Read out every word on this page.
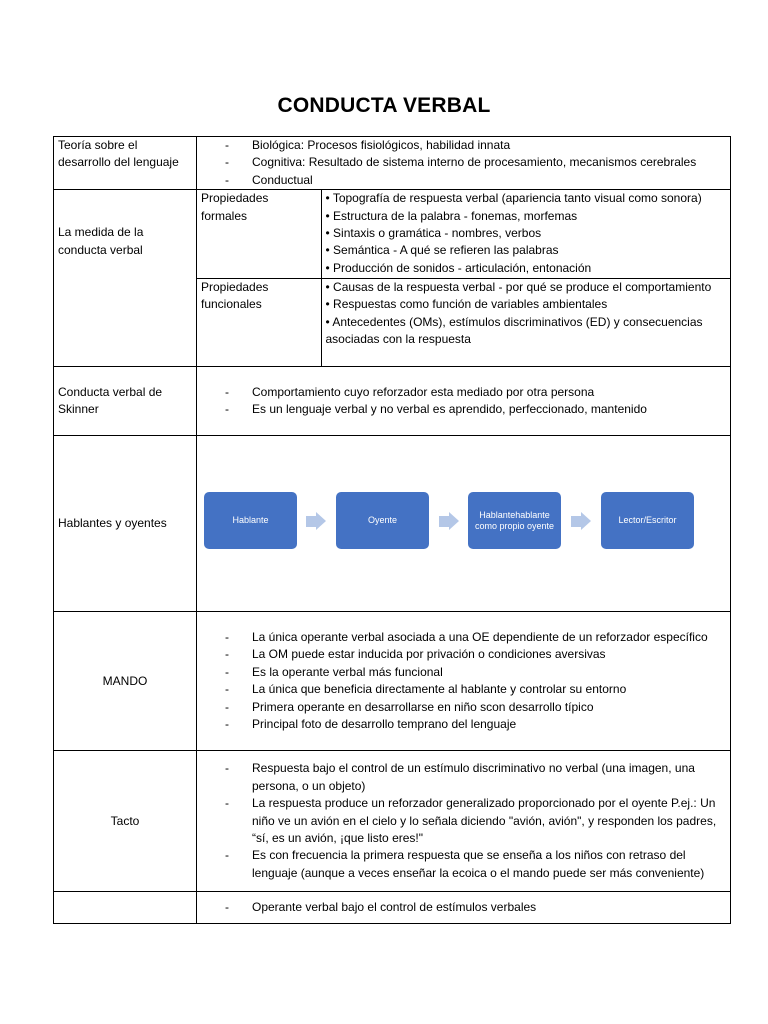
CONDUCTA VERBAL
Teoría sobre el desarrollo del lenguaje	
- Biológica: Procesos fisiológicos, habilidad innata
- Cognitiva: Resultado de sistema interno de procesamiento, mecanismos cerebrales
- Conductual

La medida de la conducta verbal	
Propiedades formales	
• Topografía de respuesta verbal (apariencia tanto visual como sonora)
• Estructura de la palabra - fonemas, morfemas
• Sintaxis o gramática - nombres, verbos
• Semántica - A qué se refieren las palabras
• Producción de sonidos - articulación, entonación

Propiedades funcionales	
• Causas de la respuesta verbal - por qué se produce el comportamiento
• Respuestas como función de variables ambientales
• Antecedentes (OMs), estímulos discriminativos (ED) y consecuencias asociadas con la respuesta

Conducta verbal de Skinner	
- Comportamiento cuyo reforzador esta mediado por otra persona
- Es un lenguaje verbal y no verbal es aprendido, perfeccionado, mantenido

Hablantes y oyentes	Hablante	Oyente
Hablantehablante como propio oyente
Lector/Escritor

MANDO	
- La única operante verbal asociada a una OE dependiente de un reforzador específico
- La OM puede estar inducida por privación o condiciones aversivas
- Es la operante verbal más funcional
- La única que beneficia directamente al hablante y controlar su entorno
- Primera operante en desarrollarse en niño scon desarrollo típico
- Principal foto de desarrollo temprano del lenguaje

Tacto	
- Respuesta bajo el control de un estímulo discriminativo no verbal (una imagen, una persona, o un objeto)
- La respuesta produce un reforzador generalizado proporcionado por el oyente P.ej.: Un niño ve un avión en el cielo y lo señala diciendo "avión, avión", y responden los padres, “sí, es un avión, ¡que listo eres!"
- Es con frecuencia la primera respuesta que se enseña a los niños con retraso del lenguaje (aunque a veces enseñar la ecoica o el mando puede ser más conveniente)

- Operante verbal bajo el control de estímulos verbales
